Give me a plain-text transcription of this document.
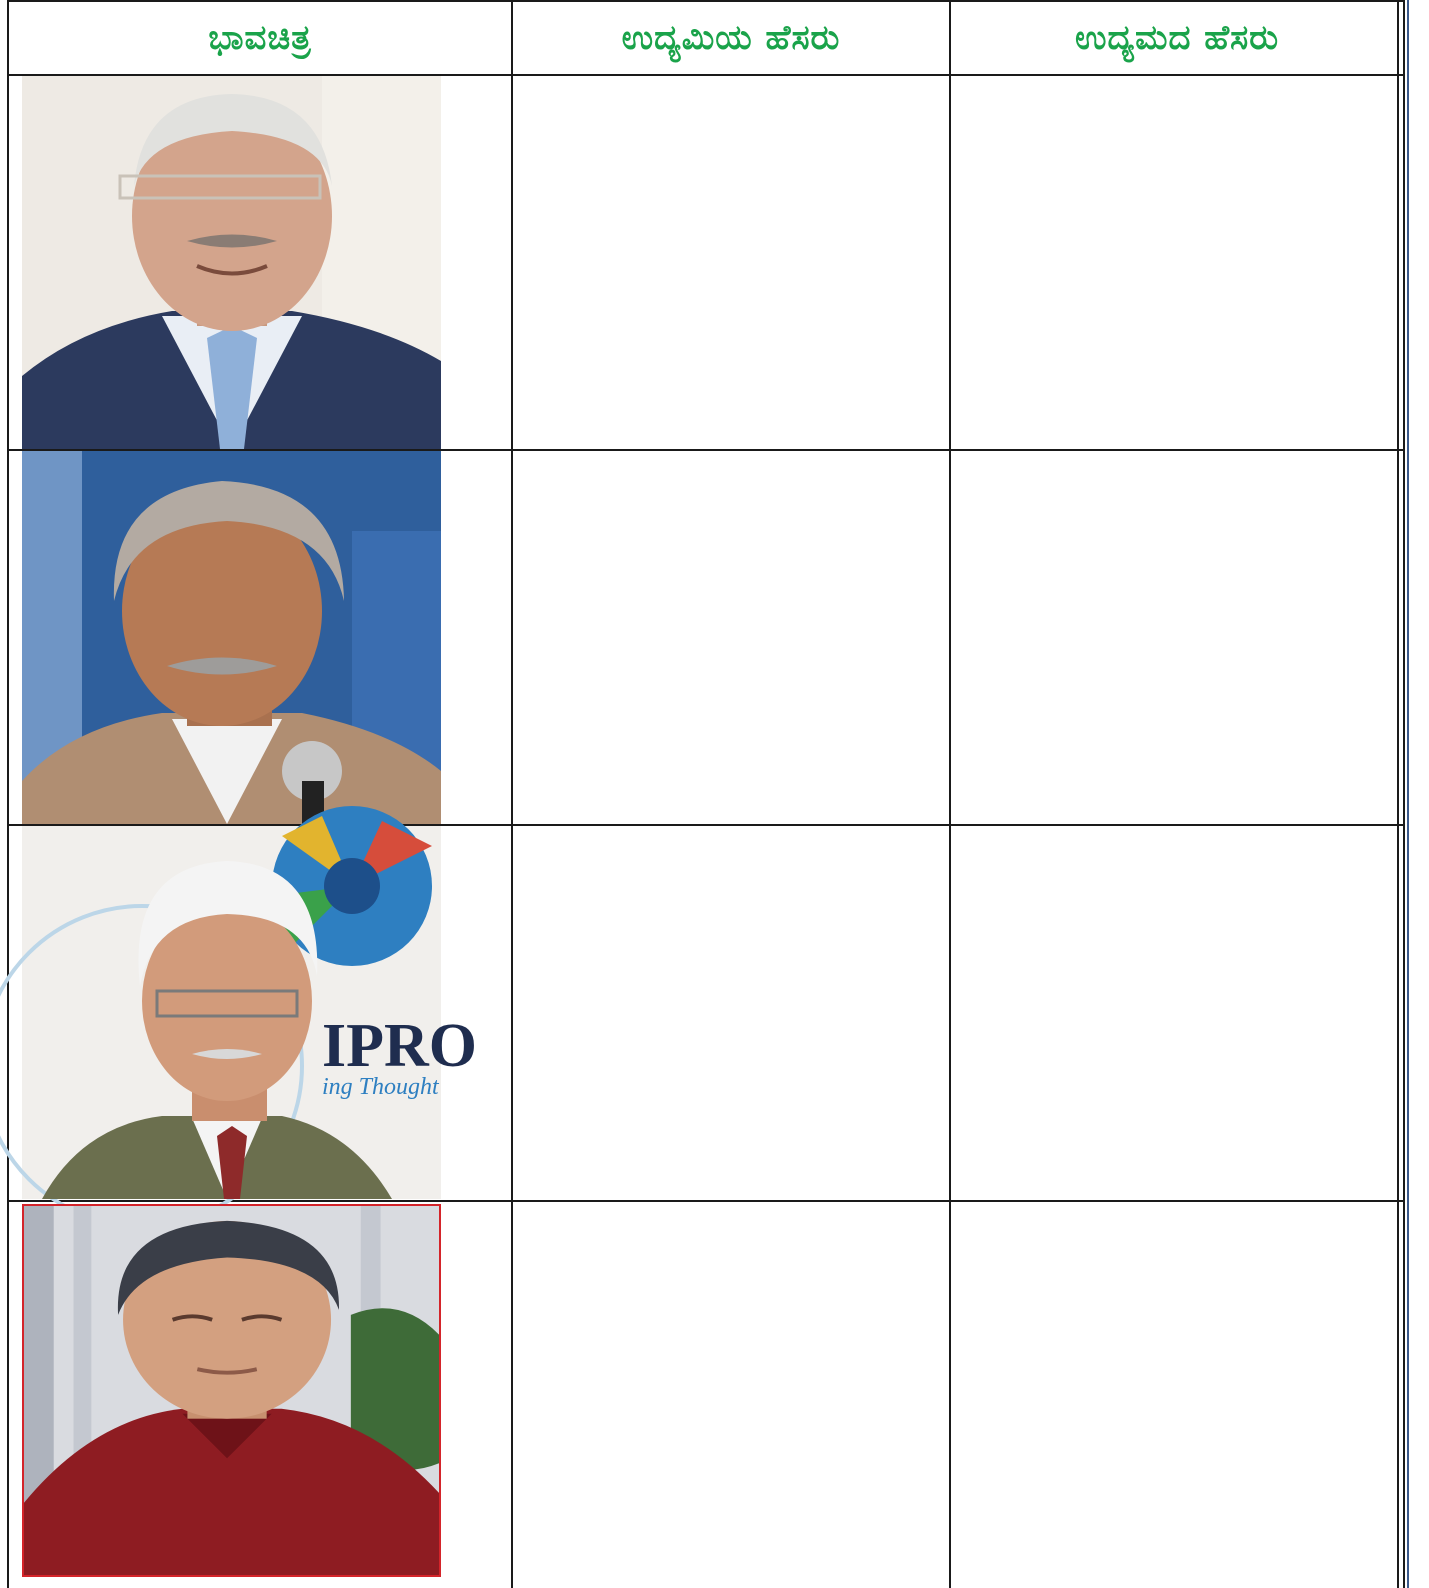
ಭಾವಚಿತ್ರ	ಉದ್ಯಮಿಯ ಹೆಸರು	ಉದ್ಯಮದ ಹೆಸರು

IPRO
ing Thought		
